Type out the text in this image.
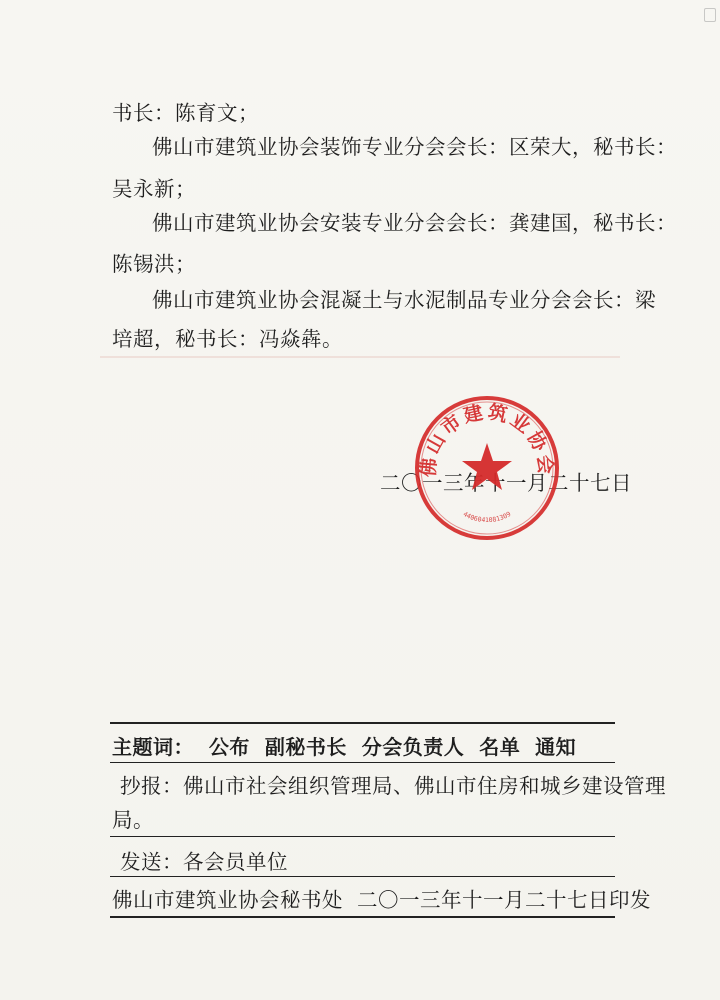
书长：陈育文；
佛山市建筑业协会装饰专业分会会长：区荣大，秘书长：
吴永新；
佛山市建筑业协会安装专业分会会长：龚建国，秘书长：
陈锡洪；
佛山市建筑业协会混凝土与水泥制品专业分会会长：梁
培超，秘书长：冯焱犇。
二〇一三年十一月二十七日
佛山市建筑业协会
4406041081309
主题词：  公布  副秘书长  分会负责人  名单  通知
抄报：佛山市社会组织管理局、佛山市住房和城乡建设管理
局。
发送：各会员单位
佛山市建筑业协会秘书处  二〇一三年十一月二十七日印发
